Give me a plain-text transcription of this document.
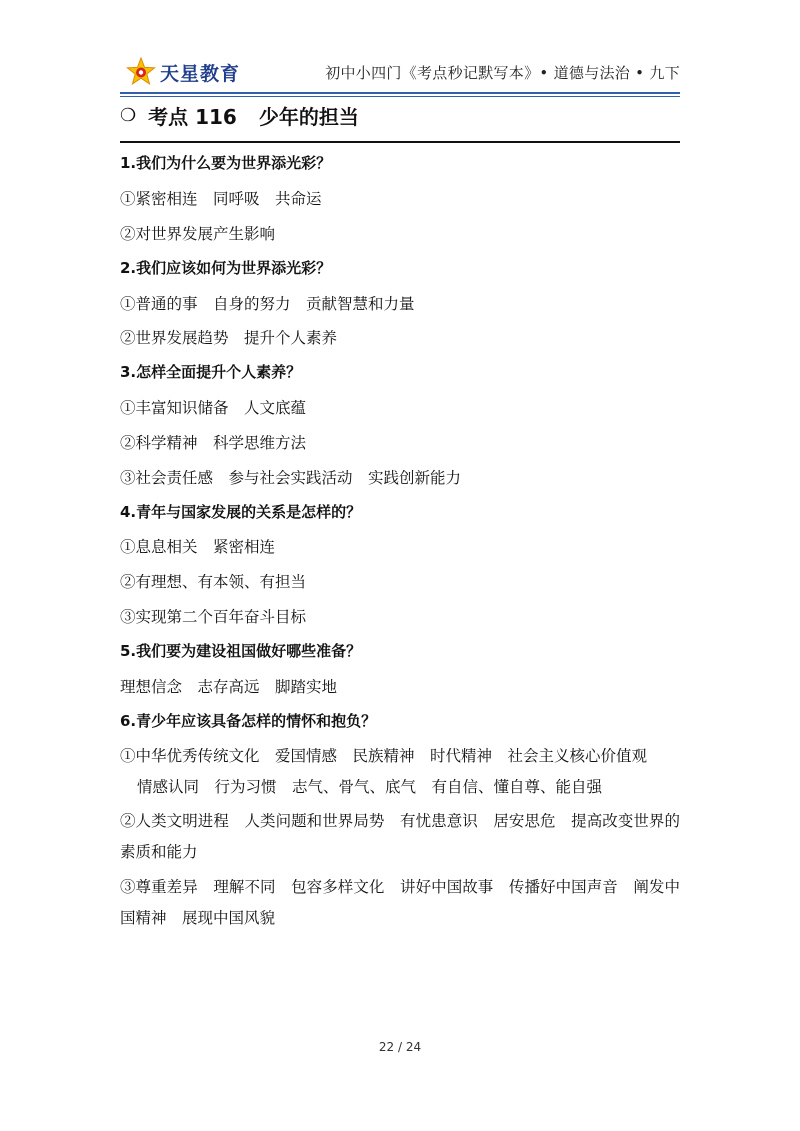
天星教育	初中小四门《考点秒记默写本》• 道德与法治 • 九下
❍ 考点 116 少年的担当
1.我们为什么要为世界添光彩？
①紧密相连　同呼吸　共命运
②对世界发展产生影响
2.我们应该如何为世界添光彩？
①普通的事　自身的努力　贡献智慧和力量
②世界发展趋势　提升个人素养
3.怎样全面提升个人素养？
①丰富知识储备　人文底蕴
②科学精神　科学思维方法
③社会责任感　参与社会实践活动　实践创新能力
4.青年与国家发展的关系是怎样的？
①息息相关　紧密相连
②有理想、有本领、有担当
③实现第二个百年奋斗目标
5.我们要为建设祖国做好哪些准备？
理想信念　志存高远　脚踏实地
6.青少年应该具备怎样的情怀和抱负？
①中华优秀传统文化　爱国情感　民族精神　时代精神　社会主义核心价值观
情感认同　行为习惯　志气、骨气、底气　有自信、懂自尊、能自强
②人类文明进程　人类问题和世界局势　有忧患意识　居安思危　提高改变世界的素质和能力
③尊重差异　理解不同　包容多样文化　讲好中国故事　传播好中国声音　阐发中国精神　展现中国风貌
22 / 24
